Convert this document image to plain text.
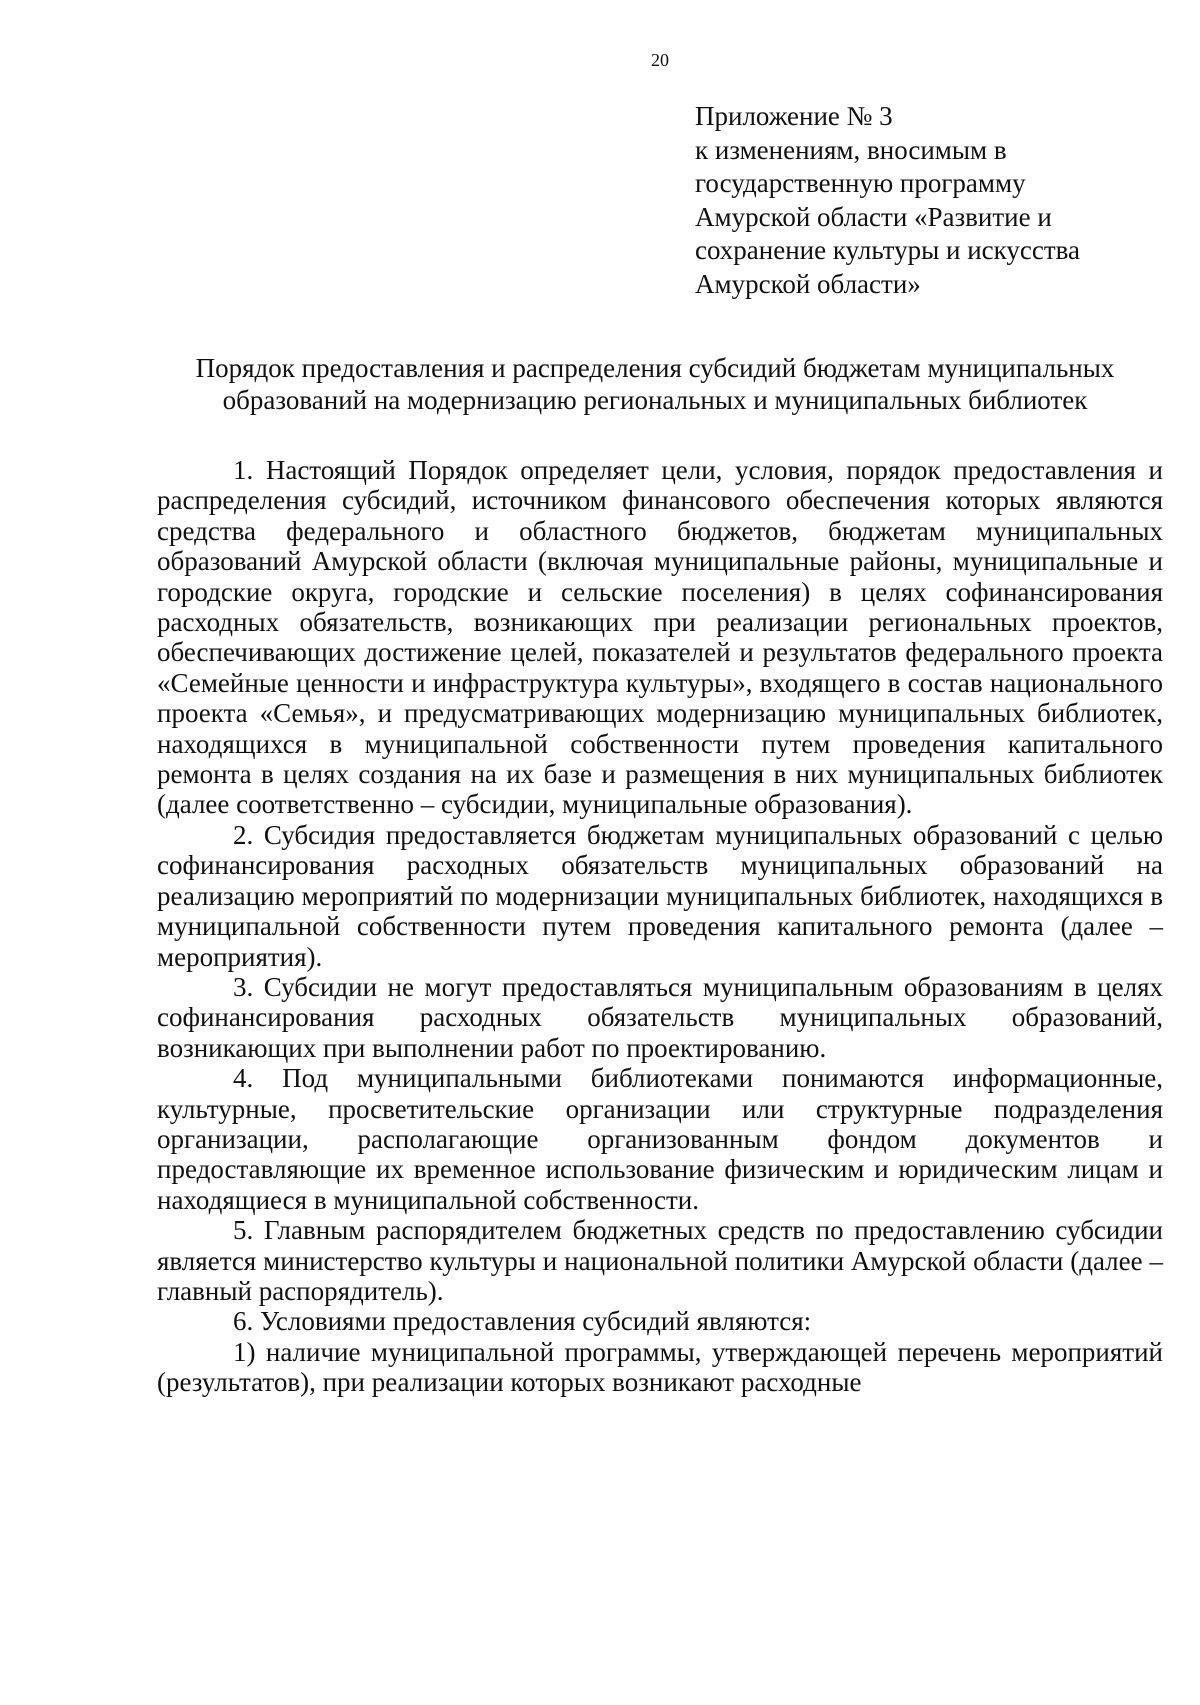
20
Приложение № 3
к изменениям, вносимым в
государственную программу
Амурской области «Развитие и
сохранение культуры и искусства
Амурской области»
Порядок предоставления и распределения субсидий бюджетам муниципальных
образований на модернизацию региональных и муниципальных библиотек

1. Настоящий Порядок определяет цели, условия, порядок предоставления и распределения субсидий, источником финансового обеспечения которых являются средства федерального и областного бюджетов, бюджетам муниципальных образований Амурской области (включая муниципальные районы, муниципальные и городские округа, городские и сельские поселения) в целях софинансирования расходных обязательств, возникающих при реализации региональных проектов, обеспечивающих достижение целей, показателей и результатов федерального проекта «Семейные ценности и инфраструктура культуры», входящего в состав национального проекта «Семья», и предусматривающих модернизацию муниципальных библиотек, находящихся в муниципальной собственности путем проведения капитального ремонта в целях создания на их базе и размещения в них муниципальных библиотек (далее соответственно – субсидии, муниципальные образования).

2. Субсидия предоставляется бюджетам муниципальных образований с целью софинансирования расходных обязательств муниципальных образований на реализацию мероприятий по модернизации муниципальных библиотек, находящихся в муниципальной собственности путем проведения капитального ремонта (далее – мероприятия).

3. Субсидии не могут предоставляться муниципальным образованиям в целях софинансирования расходных обязательств муниципальных образований, возникающих при выполнении работ по проектированию.

4. Под муниципальными библиотеками понимаются информационные, культурные, просветительские организации или структурные подразделения организации, располагающие организованным фондом документов и предоставляющие их временное использование физическим и юридическим лицам и находящиеся в муниципальной собственности.

5. Главным распорядителем бюджетных средств по предоставлению субсидии является министерство культуры и национальной политики Амурской области (далее – главный распорядитель).

6. Условиями предоставления субсидий являются:

1) наличие муниципальной программы, утверждающей перечень мероприятий (результатов), при реализации которых возникают расходные
